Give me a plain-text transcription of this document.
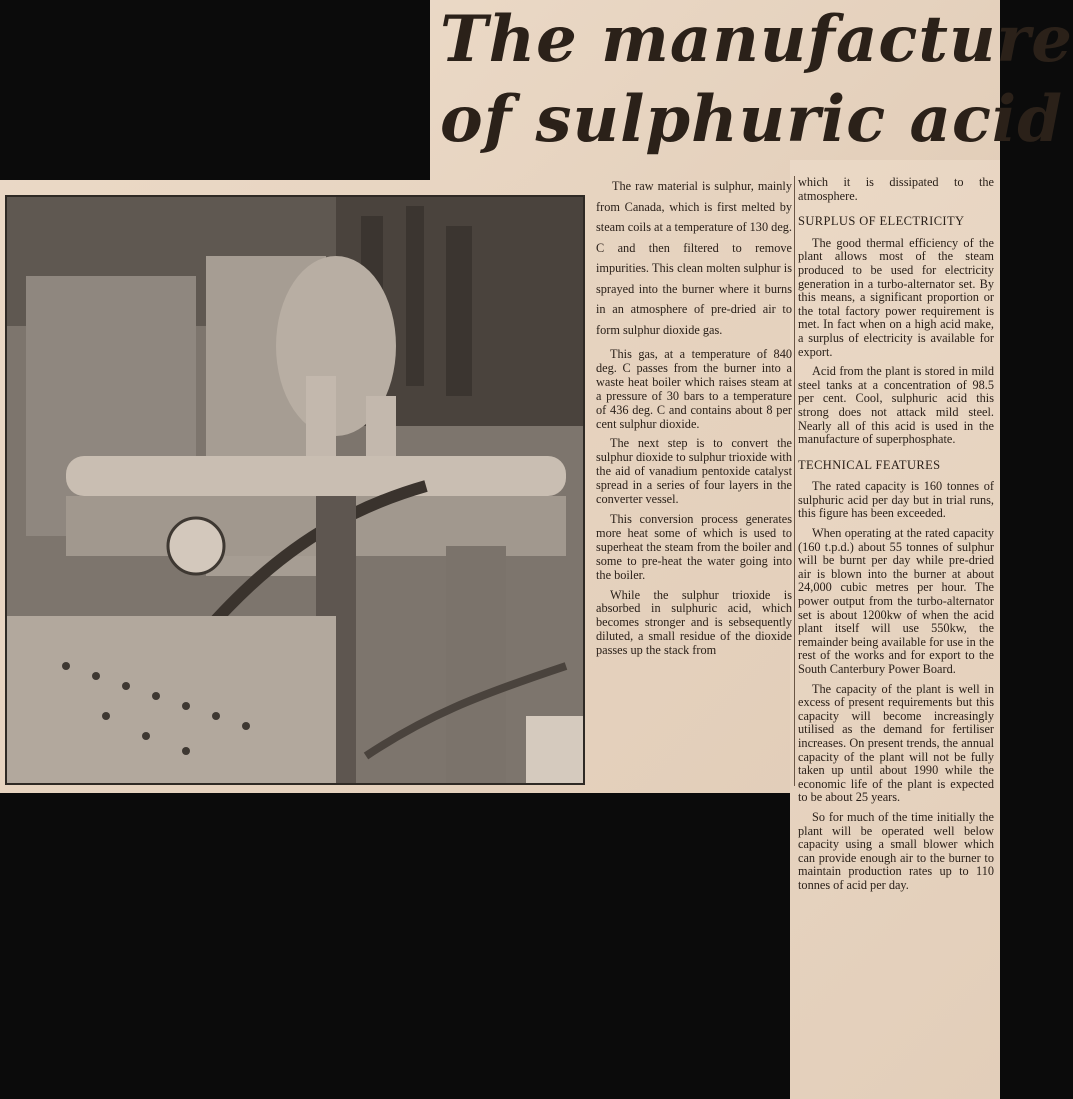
The manufacture
of sulphuric acid

The raw material is sulphur, mainly from Canada, which is first melted by steam coils at a temperature of 130 deg. C and then filtered to remove impurities. This clean molten sulphur is sprayed into the burner where it burns in an atmosphere of pre-dried air to form sulphur dioxide gas.

This gas, at a temperature of 840 deg. C passes from the burner into a waste heat boiler which raises steam at a pressure of 30 bars to a temperature of 436 deg. C and contains about 8 per cent sulphur dioxide.

The next step is to convert the sulphur dioxide to sulphur trioxide with the aid of vanadium pentoxide catalyst spread in a series of four layers in the converter vessel.

This conversion process generates more heat some of which is used to superheat the steam from the boiler and some to pre-heat the water going into the boiler.

While the sulphur trioxide is absorbed in sulphuric acid, which becomes stronger and is sebsequently diluted, a small residue of the dioxide passes up the stack from

which it is dissipated to the atmosphere.

SURPLUS OF ELECTRICITY

The good thermal efficiency of the plant allows most of the steam produced to be used for electricity generation in a turbo-alternator set. By this means, a significant proportion or the total factory power requirement is met. In fact when on a high acid make, a surplus of electricity is available for export.

Acid from the plant is stored in mild steel tanks at a concentration of 98.5 per cent. Cool, sulphuric acid this strong does not attack mild steel. Nearly all of this acid is used in the manufacture of superphosphate.

TECHNICAL FEATURES

The rated capacity is 160 tonnes of sulphuric acid per day but in trial runs, this figure has been exceeded.

When operating at the rated capacity (160 t.p.d.) about 55 tonnes of sulphur will be burnt per day while pre-dried air is blown into the burner at about 24,000 cubic metres per hour. The power output from the turbo-alternator set is about 1200kw of when the acid plant itself will use 550kw, the remainder being available for use in the rest of the works and for export to the South Canterbury Power Board.

The capacity of the plant is well in excess of present requirements but this capacity will become increasingly utilised as the demand for fertiliser increases. On present trends, the annual capacity of the plant will not be fully taken up until about 1990 while the economic life of the plant is expected to be about 25 years.

So for much of the time initially the plant will be operated well below capacity using a small blower which can provide enough air to the burner to maintain production rates up to 110 tonnes of acid per day.
